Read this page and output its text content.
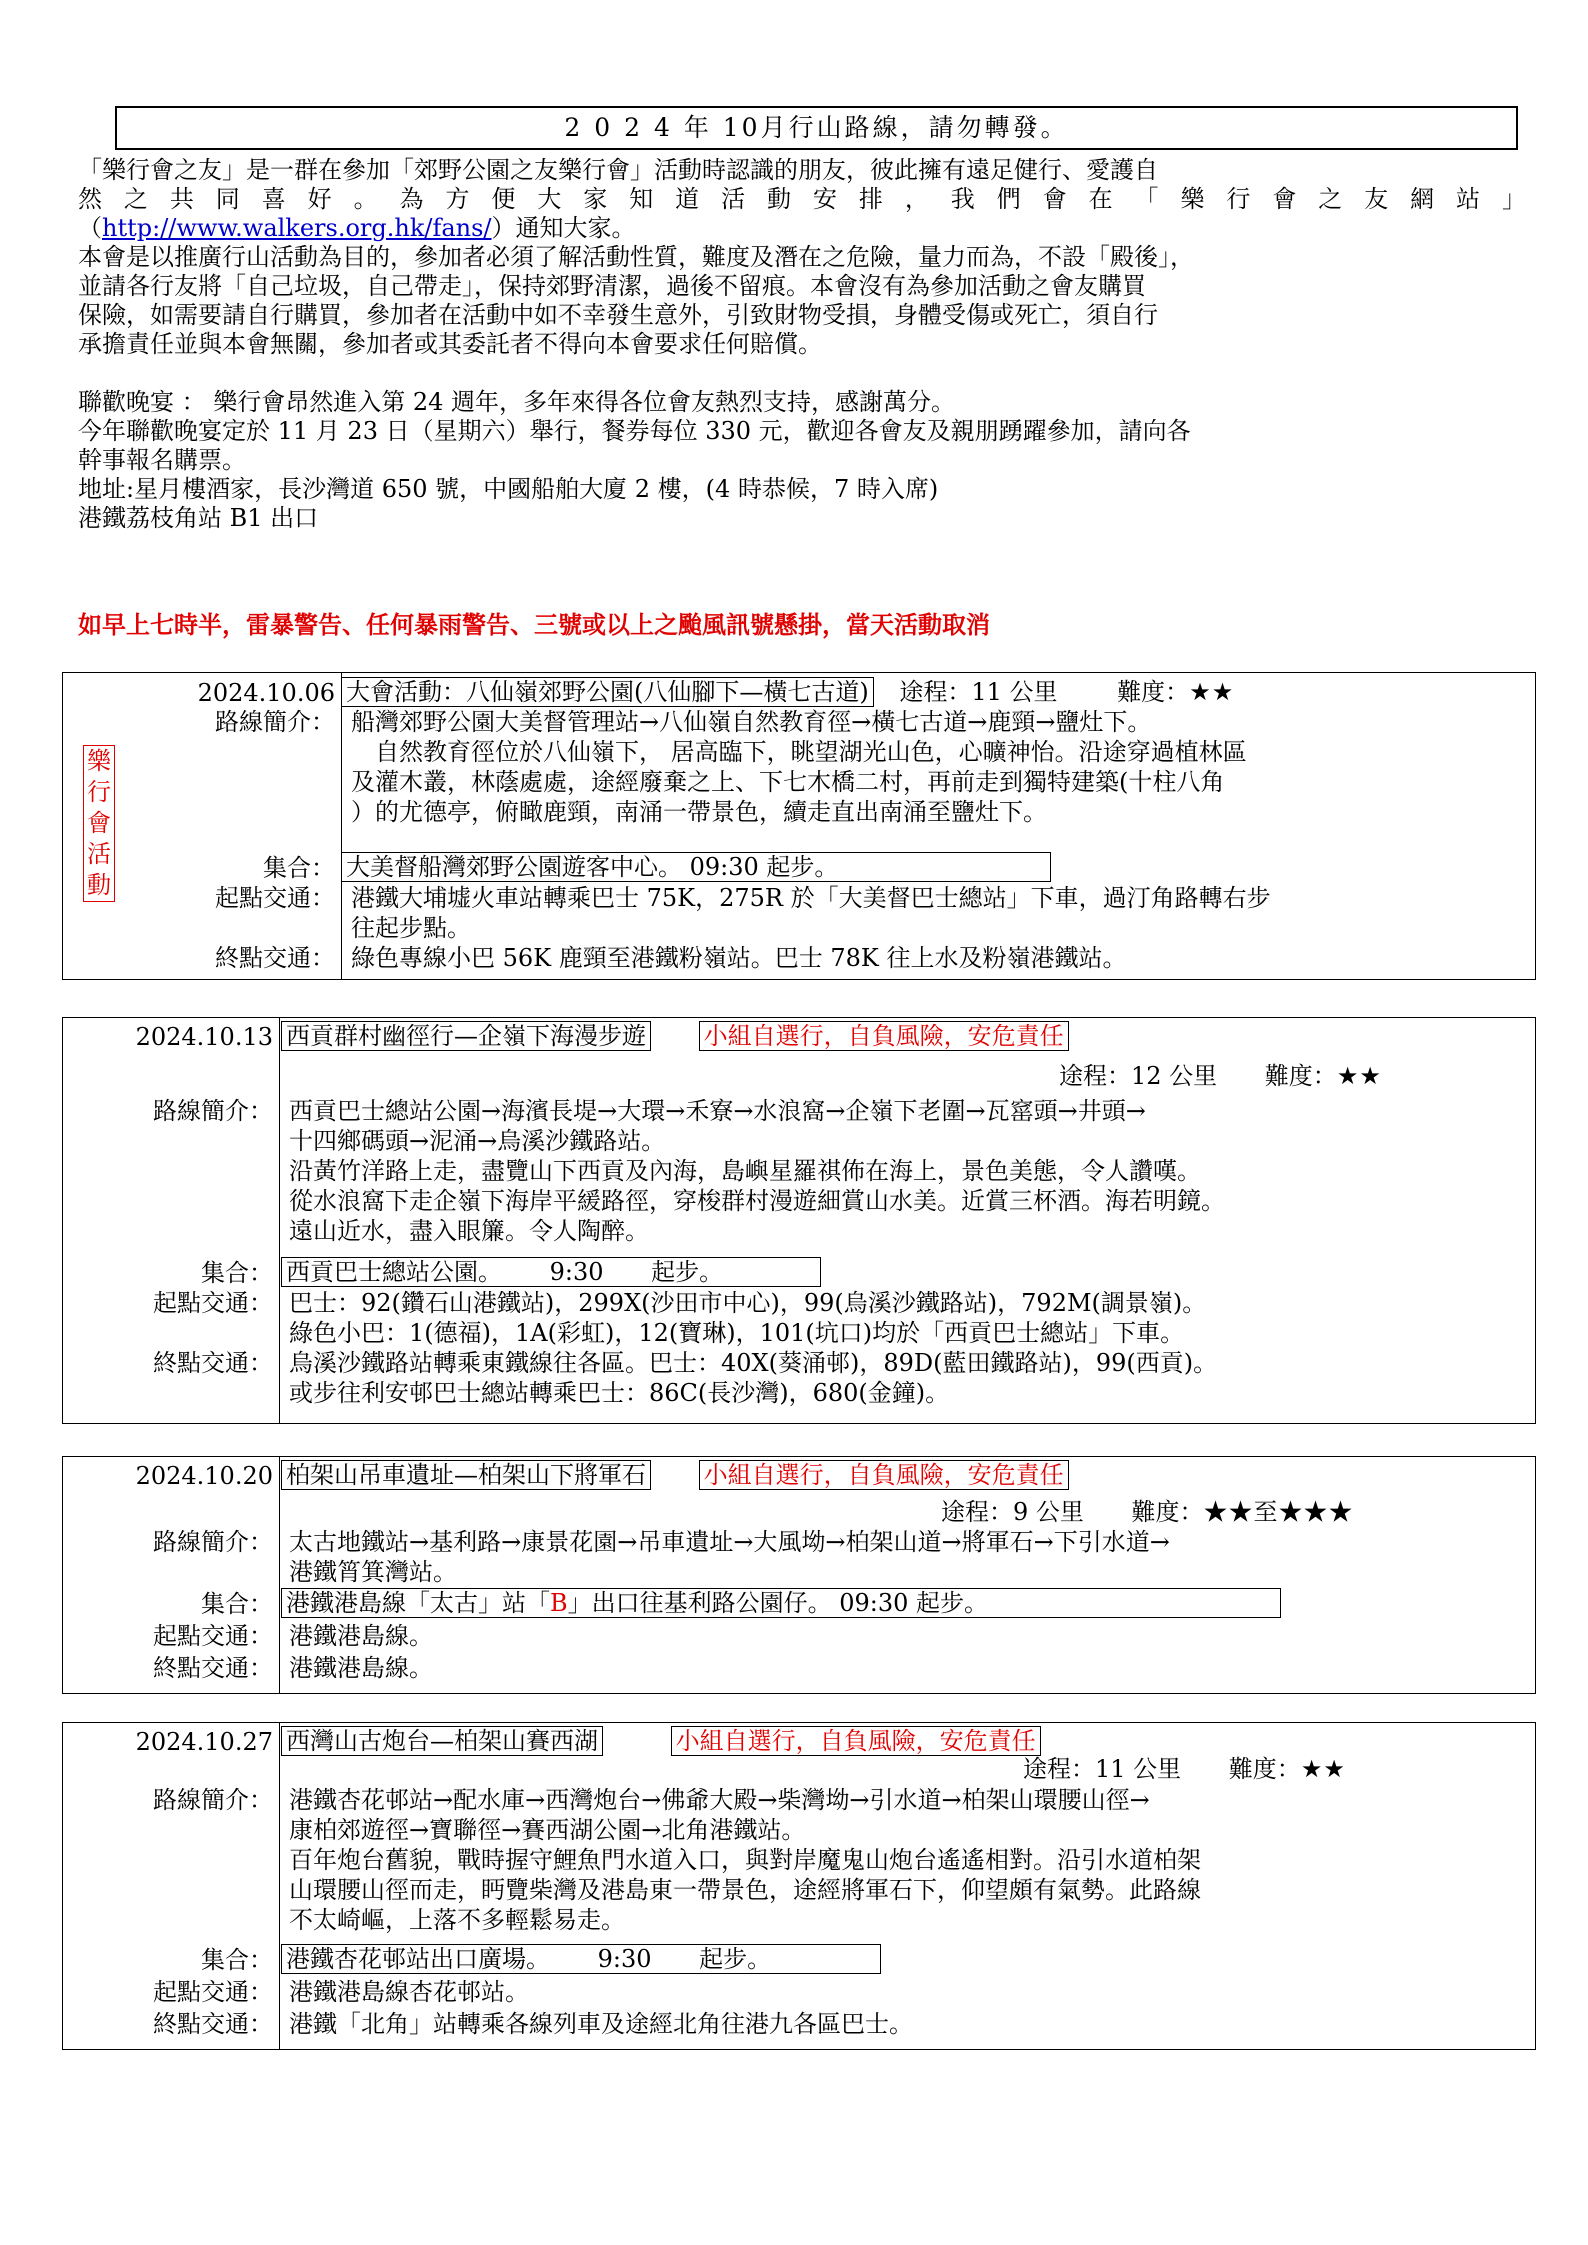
2 0 2 4 年 10月行山路線，請勿轉發。

「樂行會之友」是一群在參加「郊野公園之友樂行會」活動時認識的朋友，彼此擁有遠足健行、愛護自

然之共同喜好。為方便大家知道活動安排，我們會在「樂行會之友網站」

（http://www.walkers.org.hk/fans/）通知大家。

本會是以推廣行山活動為目的，參加者必須了解活動性質，難度及潛在之危險，量力而為，不設「殿後」，

並請各行友將「自己垃圾，自己帶走」，保持郊野清潔，過後不留痕。本會沒有為參加活動之會友購買

保險，如需要請自行購買，參加者在活動中如不幸發生意外，引致財物受損，身體受傷或死亡，須自行

承擔責任並與本會無關，參加者或其委託者不得向本會要求任何賠償。

聯歡晚宴 ： 樂行會昂然進入第 24 週年，多年來得各位會友熱烈支持，感謝萬分。

今年聯歡晚宴定於 11 月 23 日（星期六）舉行，餐券每位 330 元，歡迎各會友及親朋踴躍參加，請向各

幹事報名購票。

地址:星月樓酒家，長沙灣道 650 號，中國船舶大廈 2 樓，(4 時恭候，7 時入席)

港鐵荔枝角站 B1 出口

如早上七時半，雷暴警告、任何暴雨警告、三號或以上之颱風訊號懸掛，當天活動取消
樂
行
會
活
動
2024.10.06 大會活動：八仙嶺郊野公園(八仙腳下—橫七古道) 途程：11 公里 難度：★★
路線簡介： 船灣郊野公園大美督管理站→八仙嶺自然教育徑→橫七古道→鹿頸→鹽灶下。
自然教育徑位於八仙嶺下， 居高臨下，眺望湖光山色，心曠神怡。沿途穿過植林區
及灌木叢，林蔭處處，途經廢棄之上、下七木橋二村，再前走到獨特建築(十柱八角
）的尤德亭，俯瞰鹿頸，南涌一帶景色，續走直出南涌至鹽灶下。
集合： 大美督船灣郊野公園遊客中心。 09:30 起步。
起點交通： 港鐵大埔墟火車站轉乘巴士 75K，275R 於「大美督巴士總站」下車，過汀角路轉右步
往起步點。
終點交通： 綠色專線小巴 56K 鹿頸至港鐵粉嶺站。巴士 78K 往上水及粉嶺港鐵站。
2024.10.13 西貢群村幽徑行—企嶺下海漫步遊 小組自選行，自負風險，安危責任
途程：12 公里 難度：★★
路線簡介： 西貢巴士總站公園→海濱長堤→大環→禾寮→水浪窩→企嶺下老圍→瓦窰頭→井頭→
十四鄉碼頭→泥涌→烏溪沙鐵路站。
沿黃竹洋路上走，盡覽山下西貢及內海，島嶼星羅祺佈在海上，景色美態，令人讚嘆。
從水浪窩下走企嶺下海岸平緩路徑，穿梭群村漫遊細賞山水美。近賞三杯酒。海若明鏡。
遠山近水，盡入眼簾。令人陶醉。
集合： 西貢巴士總站公園。 9:30 起步。
起點交通： 巴士：92(鑽石山港鐵站)，299X(沙田市中心)，99(烏溪沙鐵路站)，792M(調景嶺)。
綠色小巴：1(德福)，1A(彩虹)，12(寶琳)，101(坑口)均於「西貢巴士總站」下車。
終點交通： 烏溪沙鐵路站轉乘東鐵線往各區。巴士：40X(葵涌邨)，89D(藍田鐵路站)，99(西貢)。
或步往利安邨巴士總站轉乘巴士：86C(長沙灣)，680(金鐘)。
2024.10.20 柏架山吊車遺址—柏架山下將軍石 小組自選行，自負風險，安危責任
途程：9 公里 難度：★★至★★★
路線簡介： 太古地鐵站→基利路→康景花園→吊車遺址→大風坳→柏架山道→將軍石→下引水道→
港鐵筲箕灣站。
集合： 港鐵港島線「太古」站「B」出口往基利路公園仔。 09:30 起步。
起點交通： 港鐵港島線。
終點交通： 港鐵港島線。
2024.10.27 西灣山古炮台—柏架山賽西湖	小組自選行，自負風險，安危責任
途程：11 公里 難度：★★
路線簡介： 港鐵杏花邨站→配水庫→西灣炮台→佛爺大殿→柴灣坳→引水道→柏架山環腰山徑→
康柏郊遊徑→寶聯徑→賽西湖公園→北角港鐵站。
百年炮台舊貌，戰時握守鯉魚門水道入口，與對岸魔鬼山炮台遙遙相對。沿引水道柏架
山環腰山徑而走，眄覽柴灣及港島東一帶景色，途經將軍石下，仰望頗有氣勢。此路線
不太崎嶇，上落不多輕鬆易走。
集合： 港鐵杏花邨站出口廣場。 9:30 起步。
起點交通： 港鐵港島線杏花邨站。
終點交通： 港鐵「北角」站轉乘各線列車及途經北角往港九各區巴士。
